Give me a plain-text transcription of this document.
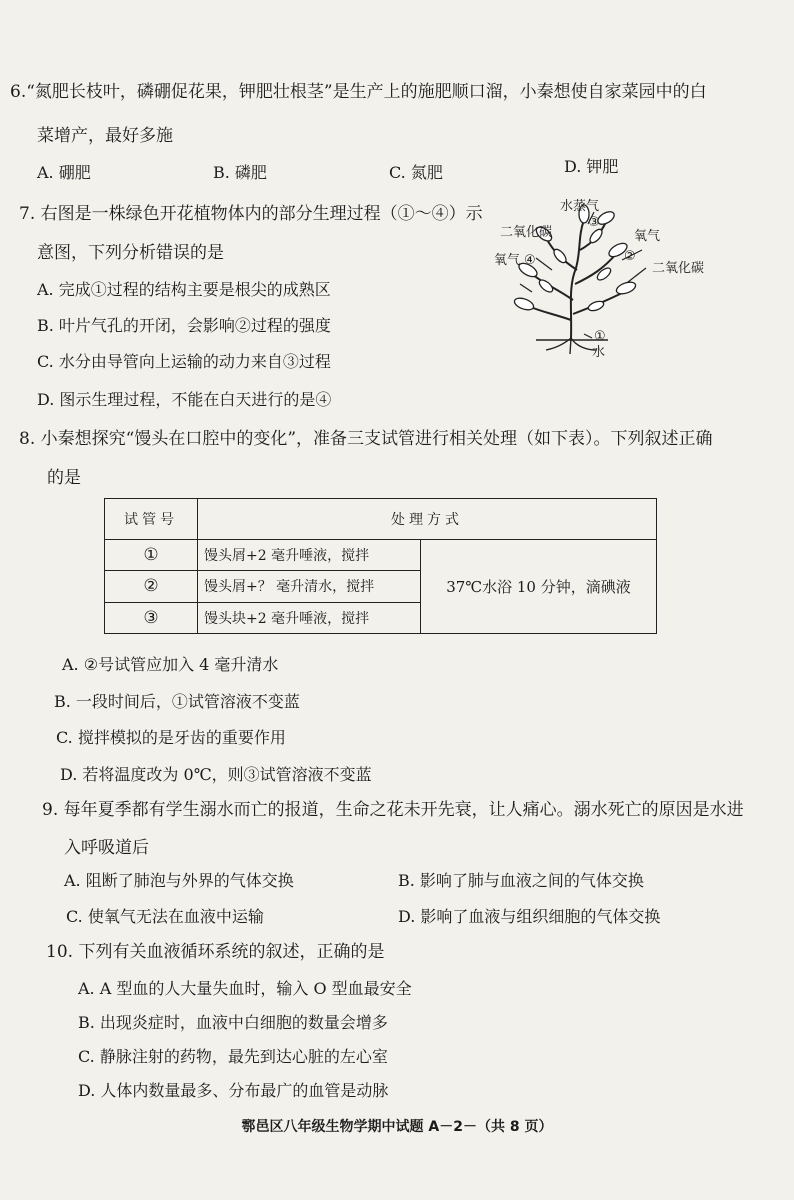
6.“氮肥长枝叶，磷硼促花果，钾肥壮根茎”是生产上的施肥顺口溜，小秦想使自家菜园中的白
菜增产，最好多施
A. 硼肥	B. 磷肥	C. 氮肥	D. 钾肥
7. 右图是一株绿色开花植物体内的部分生理过程（①～④）示
意图，下列分析错误的是
A. 完成①过程的结构主要是根尖的成熟区
B. 叶片气孔的开闭，会影响②过程的强度
C. 水分由导管向上运输的动力来自③过程
D. 图示生理过程，不能在白天进行的是④
水蒸气
③
二氧化碳	氧气
②
二氧化碳
氧气 ④
①
水
8. 小秦想探究“馒头在口腔中的变化”，准备三支试管进行相关处理（如下表）。下列叙述正确
的是
试管号	处理方式	
①	馒头屑+2 毫升唾液，搅拌	37℃水浴 10 分钟，滴碘液
②	馒头屑+？ 毫升清水，搅拌	
③	馒头块+2 毫升唾液，搅拌	
A. ②号试管应加入 4 毫升清水
B. 一段时间后，①试管溶液不变蓝
C. 搅拌模拟的是牙齿的重要作用
D. 若将温度改为 0℃，则③试管溶液不变蓝
9. 每年夏季都有学生溺水而亡的报道，生命之花未开先衰，让人痛心。溺水死亡的原因是水进
入呼吸道后
A. 阻断了肺泡与外界的气体交换	B. 影响了肺与血液之间的气体交换
C. 使氧气无法在血液中运输	D. 影响了血液与组织细胞的气体交换
10. 下列有关血液循环系统的叙述，正确的是
A. A 型血的人大量失血时，输入 O 型血最安全
B. 出现炎症时，血液中白细胞的数量会增多
C. 静脉注射的药物，最先到达心脏的左心室
D. 人体内数量最多、分布最广的血管是动脉
鄠邑区八年级生物学期中试题 A－2－（共 8 页）
